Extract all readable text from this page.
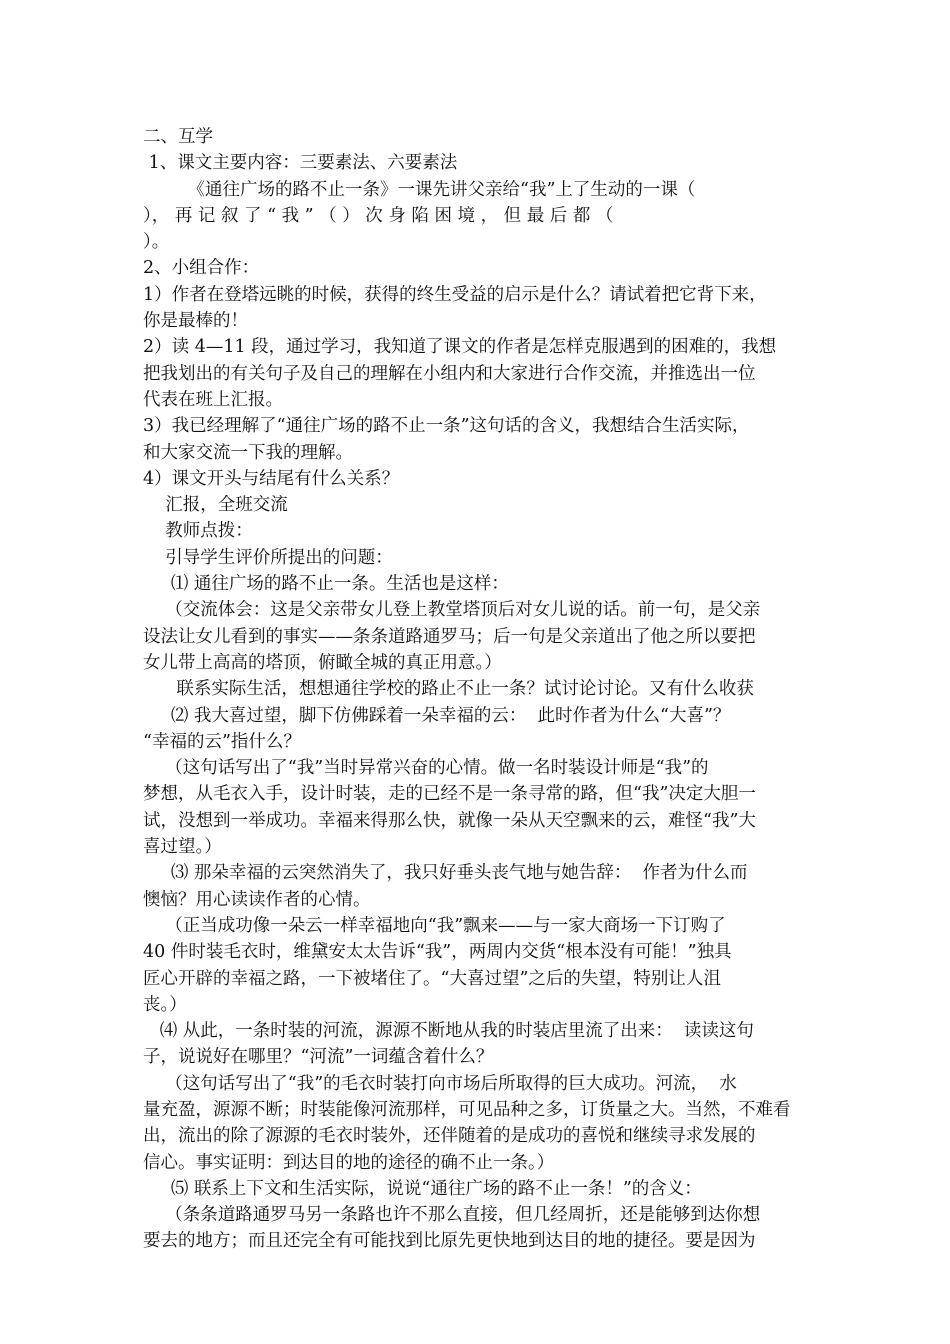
二、互学
1、课文主要内容：三要素法、六要素法
《通往广场的路不止一条》一课先讲父亲给“我”上了生动的一课（
）， 再 记 叙 了 “ 我 ” （ ） 次 身 陷 困 境 ， 但 最 后 都 （
）。
2、小组合作：
1）作者在登塔远眺的时候，获得的终生受益的启示是什么？请试着把它背下来，
你是最棒的！
2）读 4—11 段，通过学习，我知道了课文的作者是怎样克服遇到的困难的，我想
把我划出的有关句子及自己的理解在小组内和大家进行合作交流，并推选出一位
代表在班上汇报。
3）我已经理解了“通往广场的路不止一条”这句话的含义，我想结合生活实际，
和大家交流一下我的理解。
4）课文开头与结尾有什么关系？
汇报，全班交流
教师点拨：
引导学生评价所提出的问题：
⑴ 通往广场的路不止一条。生活也是这样：
（交流体会：这是父亲带女儿登上教堂塔顶后对女儿说的话。前一句，是父亲
设法让女儿看到的事实——条条道路通罗马；后一句是父亲道出了他之所以要把
女儿带上高高的塔顶，俯瞰全城的真正用意。）
联系实际生活，想想通往学校的路止不止一条？试讨论讨论。又有什么收获
⑵ 我大喜过望，脚下仿佛踩着一朵幸福的云：  此时作者为什么“大喜”？
“幸福的云”指什么？
（这句话写出了“我”当时异常兴奋的心情。做一名时装设计师是“我”的
梦想，从毛衣入手，设计时装，走的已经不是一条寻常的路，但“我”决定大胆一
试，没想到一举成功。幸福来得那么快，就像一朵从天空飘来的云，难怪“我”大
喜过望。）
⑶ 那朵幸福的云突然消失了，我只好垂头丧气地与她告辞：  作者为什么而
懊恼？用心读读作者的心情。
（正当成功像一朵云一样幸福地向“我”飘来——与一家大商场一下订购了
40 件时装毛衣时，维黛安太太告诉“我”，两周内交货“根本没有可能！”独具
匠心开辟的幸福之路，一下被堵住了。“大喜过望”之后的失望，特别让人沮
丧。）
⑷ 从此，一条时装的河流，源源不断地从我的时装店里流了出来：  读读这句
子，说说好在哪里？“河流”一词蕴含着什么？
（这句话写出了“我”的毛衣时装打向市场后所取得的巨大成功。河流，  水
量充盈，源源不断；时装能像河流那样，可见品种之多，订货量之大。当然，不难看
出，流出的除了源源的毛衣时装外，还伴随着的是成功的喜悦和继续寻求发展的
信心。事实证明：到达目的地的途径的确不止一条。）
⑸ 联系上下文和生活实际，说说“通往广场的路不止一条！”的含义：
（条条道路通罗马另一条路也许不那么直接，但几经周折，还是能够到达你想
要去的地方；而且还完全有可能找到比原先更快地到达目的地的捷径。要是因为
